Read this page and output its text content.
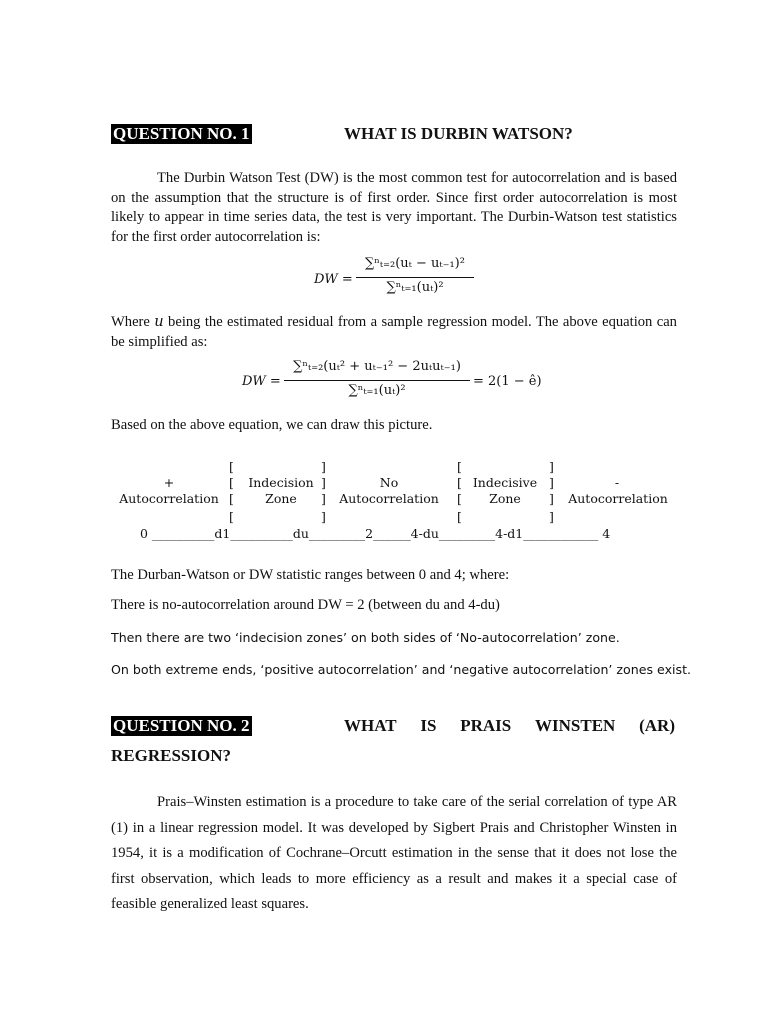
QUESTION NO. 1	WHAT IS DURBIN WATSON?
The Durbin Watson Test (DW) is the most common test for autocorrelation and is based on the assumption that the structure is of first order. Since first order autocorrelation is most likely to appear in time series data, the test is very important. The Durbin-Watson test statistics for the first order autocorrelation is:
DW =
∑ⁿₜ₌₂(uₜ − uₜ₋₁)²
∑ⁿₜ₌₁(uₜ)²
Where u being the estimated residual from a sample regression model. The above equation can be simplified as:
DW =
∑ⁿₜ₌₂(uₜ² + uₜ₋₁² − 2uₜuₜ₋₁)
∑ⁿₜ₌₁(uₜ)²
= 2(1 − ê)
Based on the above equation, we can draw this picture.
+
Autocorrelation
[
[
[
[
Indecision
Zone
]
]
]
]
No
Autocorrelation
[
[
[
[
Indecisive
Zone
]
]
]
]
-
Autocorrelation
0 __________d1__________du_________2______4-du_________4-d1____________ 4
The Durban-Watson or DW statistic ranges between 0 and 4; where:
There is no-autocorrelation around DW = 2 (between du and 4-du)
Then there are two ‘indecision zones’ on both sides of ‘No-autocorrelation’ zone.
On both extreme ends, ‘positive autocorrelation’ and ‘negative autocorrelation’ zones exist.
QUESTION NO. 2	WHAT IS PRAIS WINSTEN (AR)
REGRESSION?
Prais–Winsten estimation is a procedure to take care of the serial correlation of type AR (1) in a linear regression model. It was developed by Sigbert Prais and Christopher Winsten in 1954, it is a modification of Cochrane–Orcutt estimation in the sense that it does not lose the first observation, which leads to more efficiency as a result and makes it a special case of feasible generalized least squares.
